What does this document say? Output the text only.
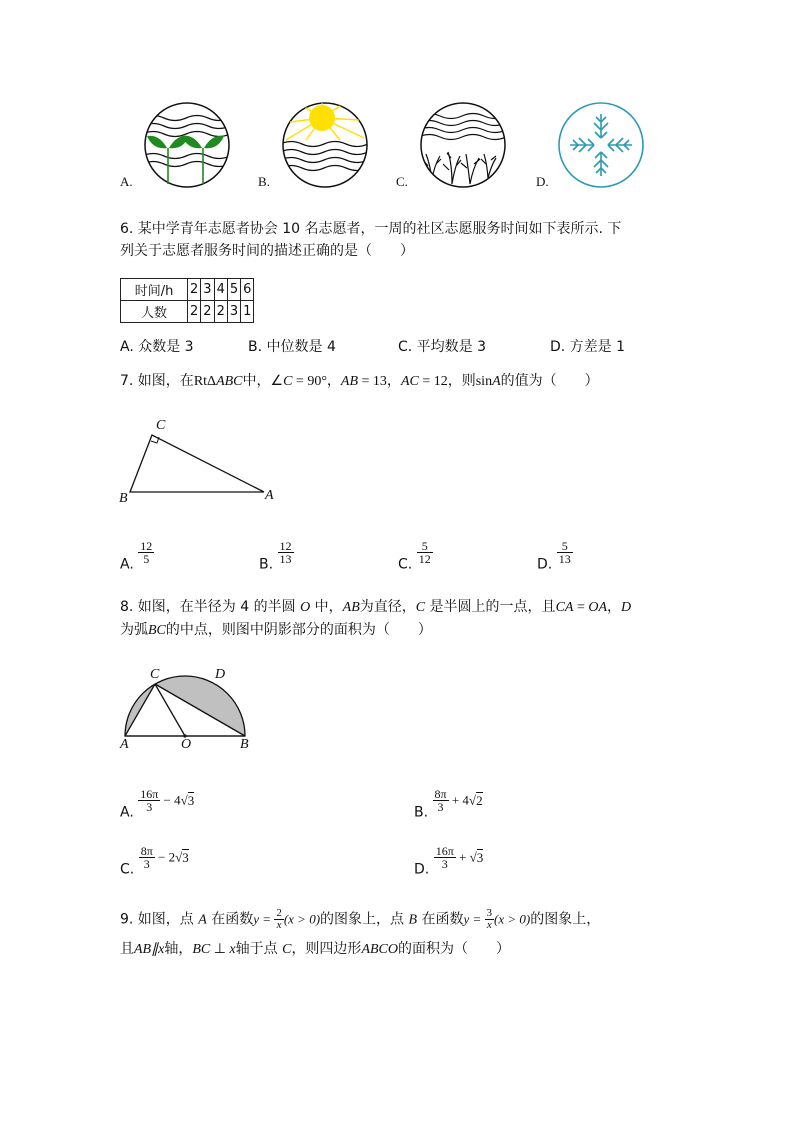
A.	B.	C.	D.
6. 某中学青年志愿者协会 10 名志愿者，一周的社区志愿服务时间如下表所示. 下
列关于志愿者服务时间的描述正确的是（　　）
时间/h	2	3	4	5	6
人数	2	2	2	3	1
A. 众数是 3	B. 中位数是 4	C. 平均数是 3	D. 方差是 1
7. 如图，在RtΔABC中，∠C = 90°，AB = 13，AC = 12，则sinA的值为（　　）
C
B	A
A. $\frac{12}{5}$	B. $\frac{12}{13}$	C. $\frac{5}{12}$	D. $\frac{5}{13}$
8. 如图，在半径为 4 的半圆 O 中，AB为直径，C 是半圆上的一点，且CA = OA，D
为弧BC的中点，则图中阴影部分的面积为（　　）
C	D
A	O	B
A. $\frac{16\pi}{3} - 4√3$
B. $\frac{8\pi}{3} + 4√2$
C. $\frac{8\pi}{3} - 2√3$
D. $\frac{16\pi}{3} + √3$
9. 如图，点 A 在函数$y = \frac{2}{x} (x > 0)$的图象上，点 B 在函数$y = \frac{3}{x} (x > 0)$的图象上，
且AB∥x轴，BC ⊥ x轴于点 C，则四边形ABCO的面积为（　　）
